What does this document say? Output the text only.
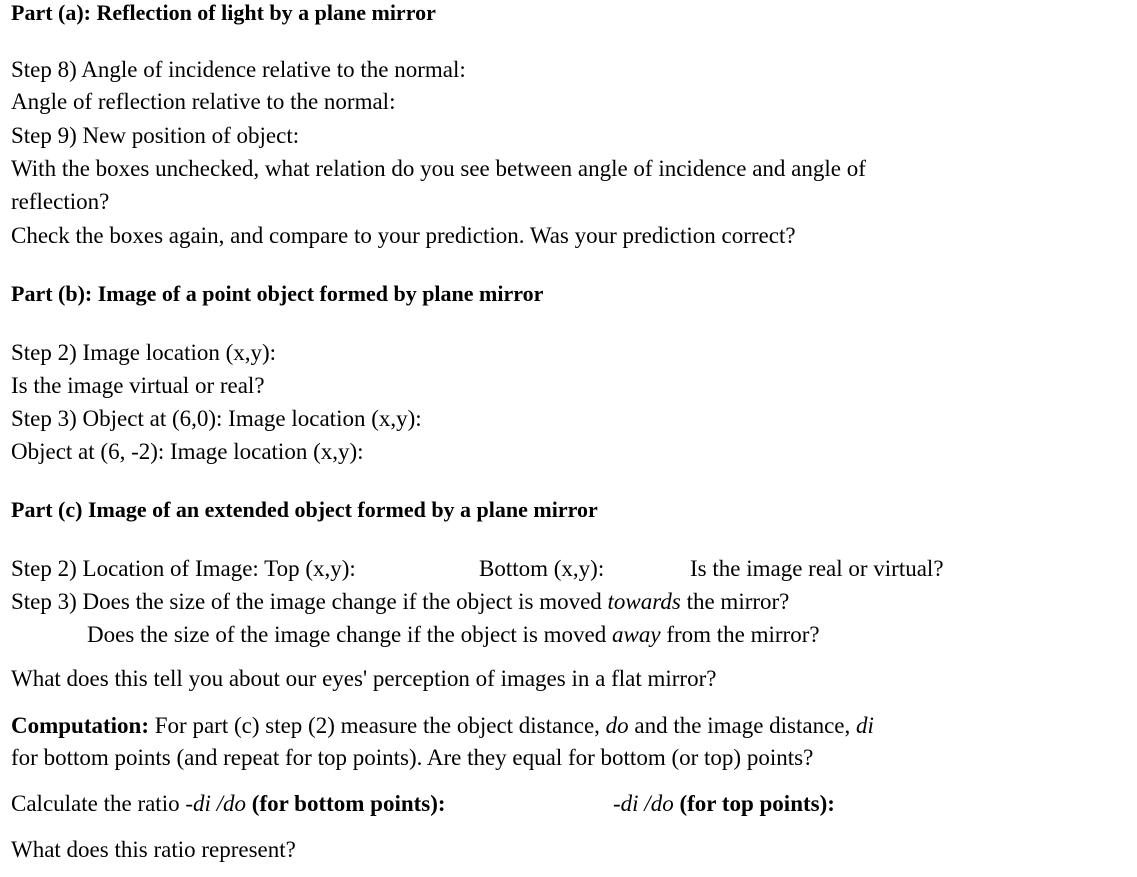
Part (a): Reflection of light by a plane mirror

Step 8) Angle of incidence relative to the normal:

Angle of reflection relative to the normal:

Step 9) New position of object:

With the boxes unchecked, what relation do you see between angle of incidence and angle of

reflection?

Check the boxes again, and compare to your prediction. Was your prediction correct?

Part (b): Image of a point object formed by plane mirror

Step 2) Image location (x,y):

Is the image virtual or real?

Step 3) Object at (6,0): Image location (x,y):

Object at (6, -2): Image location (x,y):

Part (c) Image of an extended object formed by a plane mirror

Step 2) Location of Image: Top (x,y):	Bottom (x,y):	Is the image real or virtual?

Step 3) Does the size of the image change if the object is moved towards the mirror?

Does the size of the image change if the object is moved away from the mirror?

What does this tell you about our eyes' perception of images in a flat mirror?

Computation: For part (c) step (2) measure the object distance, do and the image distance, di

for bottom points (and repeat for top points). Are they equal for bottom (or top) points?

Calculate the ratio -di /do (for bottom points):	-di /do (for top points):

What does this ratio represent?
